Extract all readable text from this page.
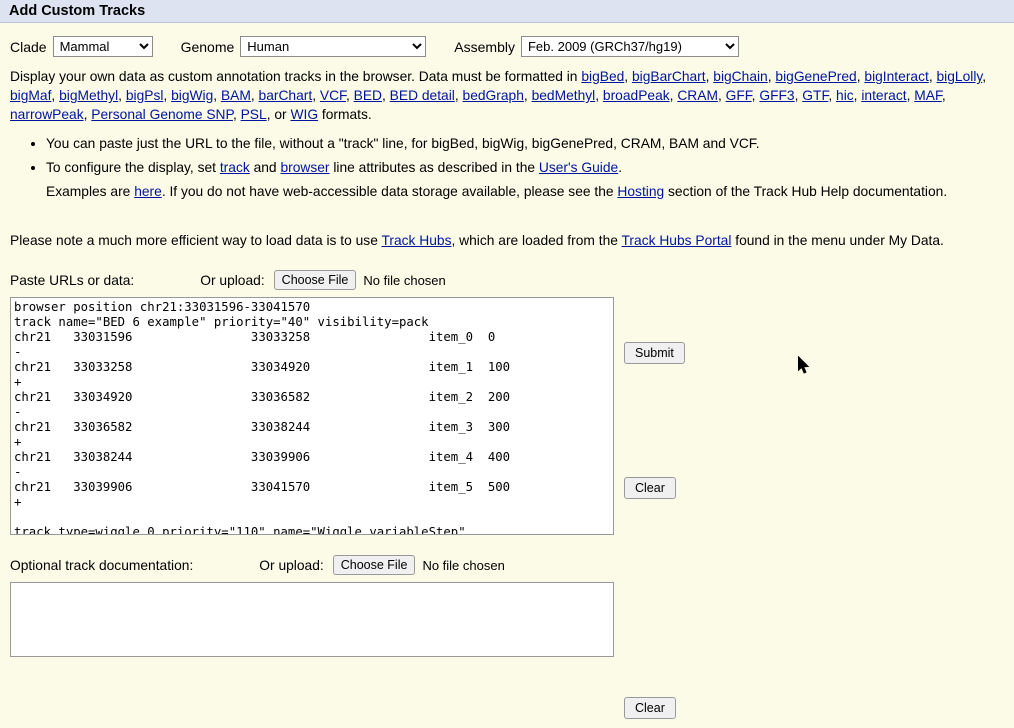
Add Custom Tracks
Clade
Mammal	Genome
Human	Assembly
Feb. 2009 (GRCh37/hg19)
Display your own data as custom annotation tracks in the browser. Data must be formatted in bigBed, bigBarChart, bigChain, bigGenePred, bigInteract, bigLolly, bigMaf, bigMethyl, bigPsl, bigWig, BAM, barChart, VCF, BED, BED detail, bedGraph, bedMethyl, broadPeak, CRAM, GFF, GFF3, GTF, hic, interact, MAF, narrowPeak, Personal Genome SNP, PSL, or WIG formats.
• You can paste just the URL to the file, without a "track" line, for bigBed, bigWig, bigGenePred, CRAM, BAM and VCF.
• To configure the display, set track and browser line attributes as described in the User's Guide.
Examples are here. If you do not have web-accessible data storage available, please see the Hosting section of the Track Hub Help documentation.
Please note a much more efficient way to load data is to use Track Hubs, which are loaded from the Track Hubs Portal found in the menu under My Data.
Paste URLs or data:	Or upload:	Choose File	No file chosen
browser position chr21:33031596-33041570 track name="BED 6 example" priority="40" visibility=pack chr21 33031596 33033258 item_0 0 - chr21 33033258 33034920 item_1 100 + chr21 33034920 33036582 item_2 200 - chr21 33036582 33038244 item_3 300 + chr21 33038244 33039906 item_4 400 - chr21 33039906 33041570 item_5 500 + track type=wiggle_0 priority="110" name="Wiggle variableStep" visibility=full autoScale=off viewLimits=5.0:25.0 color=255,200,0 yLineMark=11.76 yLineOnOff=on variableStep chrom=chr21 span=1108 33031597 10.0 33032705 12.5 33033813 15.0
Optional track documentation:	Or upload:	Choose File	No file chosen
Submit
Clear
Clear
